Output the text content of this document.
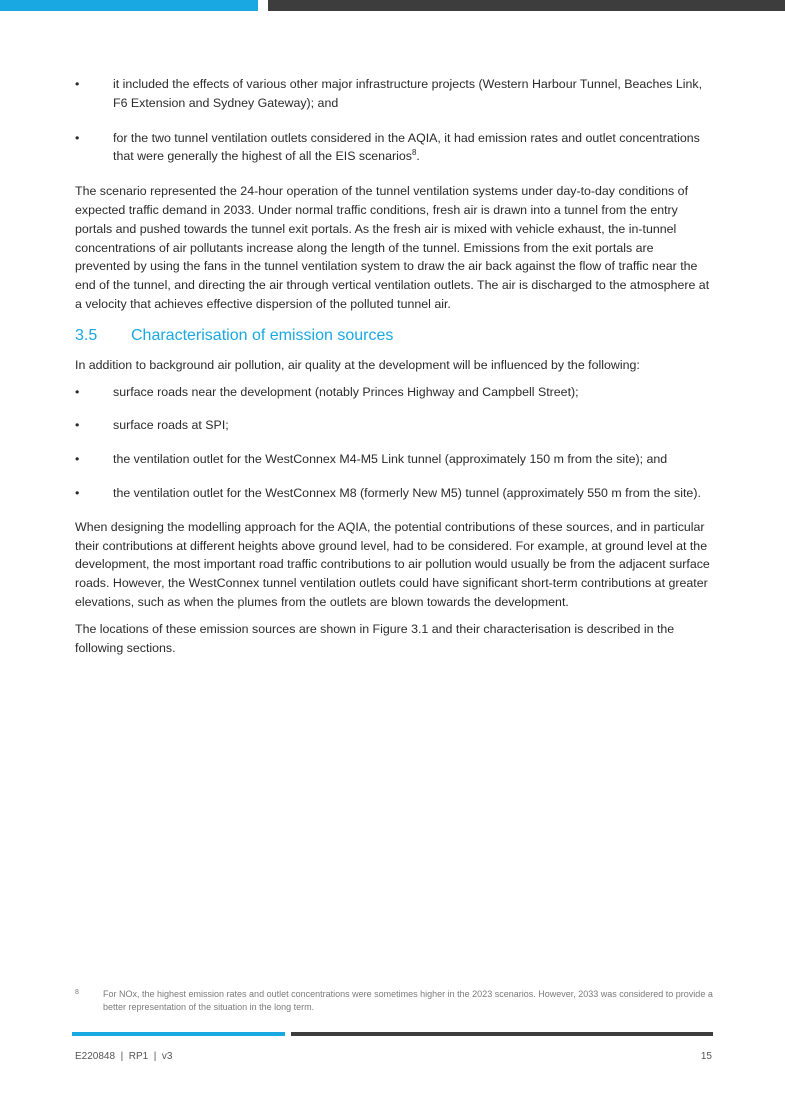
•	it included the effects of various other major infrastructure projects (Western Harbour Tunnel, Beaches Link, F6 Extension and Sydney Gateway); and
•	for the two tunnel ventilation outlets considered in the AQIA, it had emission rates and outlet concentrations that were generally the highest of all the EIS scenarios$^8$.

The scenario represented the 24-hour operation of the tunnel ventilation systems under day-to-day conditions of expected traffic demand in 2033. Under normal traffic conditions, fresh air is drawn into a tunnel from the entry portals and pushed towards the tunnel exit portals. As the fresh air is mixed with vehicle exhaust, the in-tunnel concentrations of air pollutants increase along the length of the tunnel. Emissions from the exit portals are prevented by using the fans in the tunnel ventilation system to draw the air back against the flow of traffic near the end of the tunnel, and directing the air through vertical ventilation outlets. The air is discharged to the atmosphere at a velocity that achieves effective dispersion of the polluted tunnel air.

3.5	Characterisation of emission sources

In addition to background air pollution, air quality at the development will be influenced by the following:

•	surface roads near the development (notably Princes Highway and Campbell Street);
•	surface roads at SPI;
•	the ventilation outlet for the WestConnex M4-M5 Link tunnel (approximately 150 m from the site); and
•	the ventilation outlet for the WestConnex M8 (formerly New M5) tunnel (approximately 550 m from the site).

When designing the modelling approach for the AQIA, the potential contributions of these sources, and in particular their contributions at different heights above ground level, had to be considered. For example, at ground level at the development, the most important road traffic contributions to air pollution would usually be from the adjacent surface roads. However, the WestConnex tunnel ventilation outlets could have significant short-term contributions at greater elevations, such as when the plumes from the outlets are blown towards the development.

The locations of these emission sources are shown in Figure 3.1 and their characterisation is described in the following sections.

8	For NOx, the highest emission rates and outlet concentrations were sometimes higher in the 2023 scenarios. However, 2033 was considered to provide a better representation of the situation in the long term.
E220848  |  RP1  |  v3	15
